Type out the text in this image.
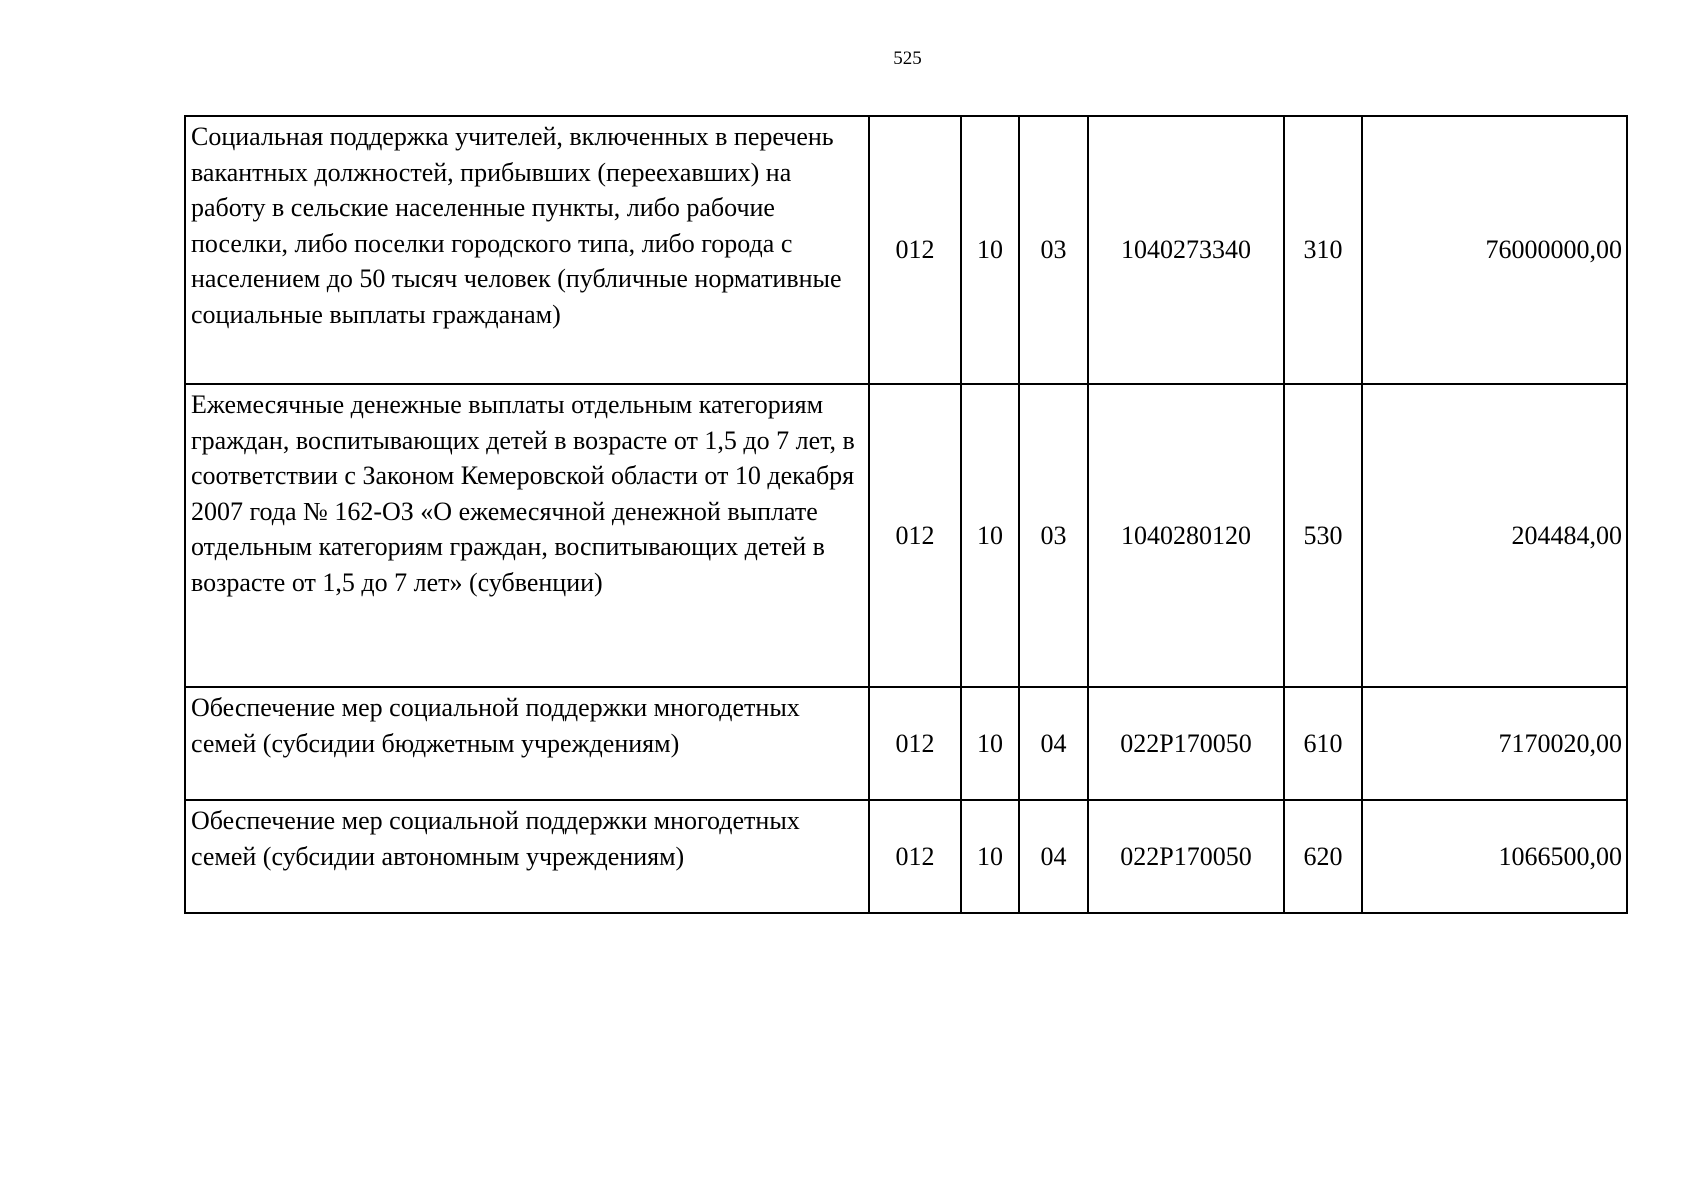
525
Социальная поддержка учителей, включенных в перечень вакантных должностей, прибывших (переехавших) на работу в сельские населенные пункты, либо рабочие поселки, либо поселки городского типа, либо города с населением до 50 тысяч человек (публичные нормативные социальные выплаты гражданам)	012	10	03	1040273340	310	76000000,00
Ежемесячные денежные выплаты отдельным категориям граждан, воспитывающих детей в возрасте от 1,5 до 7 лет, в соответствии с Законом Кемеровской области от 10 декабря 2007 года № 162-ОЗ «О ежемесячной денежной выплате отдельным категориям граждан, воспитывающих детей в возрасте от 1,5 до 7 лет» (субвенции)	012	10	03	1040280120	530	204484,00
Обеспечение мер социальной поддержки многодетных семей (субсидии бюджетным учреждениям)	012	10	04	022P170050	610	7170020,00
Обеспечение мер социальной поддержки многодетных семей (субсидии автономным учреждениям)	012	10	04	022P170050	620	1066500,00
